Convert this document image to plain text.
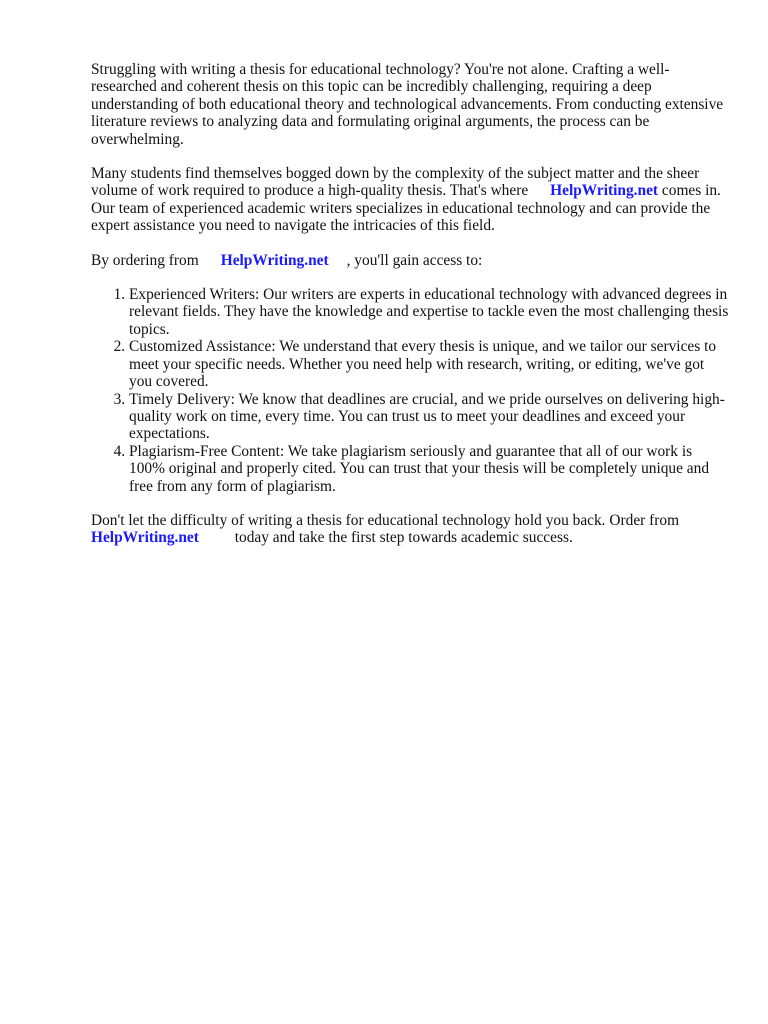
Struggling with writing a thesis for educational technology? You're not alone. Crafting a well-researched and coherent thesis on this topic can be incredibly challenging, requiring a deep understanding of both educational theory and technological advancements. From conducting extensive literature reviews to analyzing data and formulating original arguments, the process can be overwhelming.

Many students find themselves bogged down by the complexity of the subject matter and the sheer volume of work required to produce a high-quality thesis. That's where HelpWriting.net comes in. Our team of experienced academic writers specializes in educational technology and can provide the expert assistance you need to navigate the intricacies of this field.

By ordering from HelpWriting.net , you'll gain access to:

1. Experienced Writers: Our writers are experts in educational technology with advanced degrees in relevant fields. They have the knowledge and expertise to tackle even the most challenging thesis topics.
2. Customized Assistance: We understand that every thesis is unique, and we tailor our services to meet your specific needs. Whether you need help with research, writing, or editing, we've got you covered.
3. Timely Delivery: We know that deadlines are crucial, and we pride ourselves on delivering high-quality work on time, every time. You can trust us to meet your deadlines and exceed your expectations.
4. Plagiarism-Free Content: We take plagiarism seriously and guarantee that all of our work is 100% original and properly cited. You can trust that your thesis will be completely unique and free from any form of plagiarism.

Don't let the difficulty of writing a thesis for educational technology hold you back. Order from HelpWriting.net today and take the first step towards academic success.
